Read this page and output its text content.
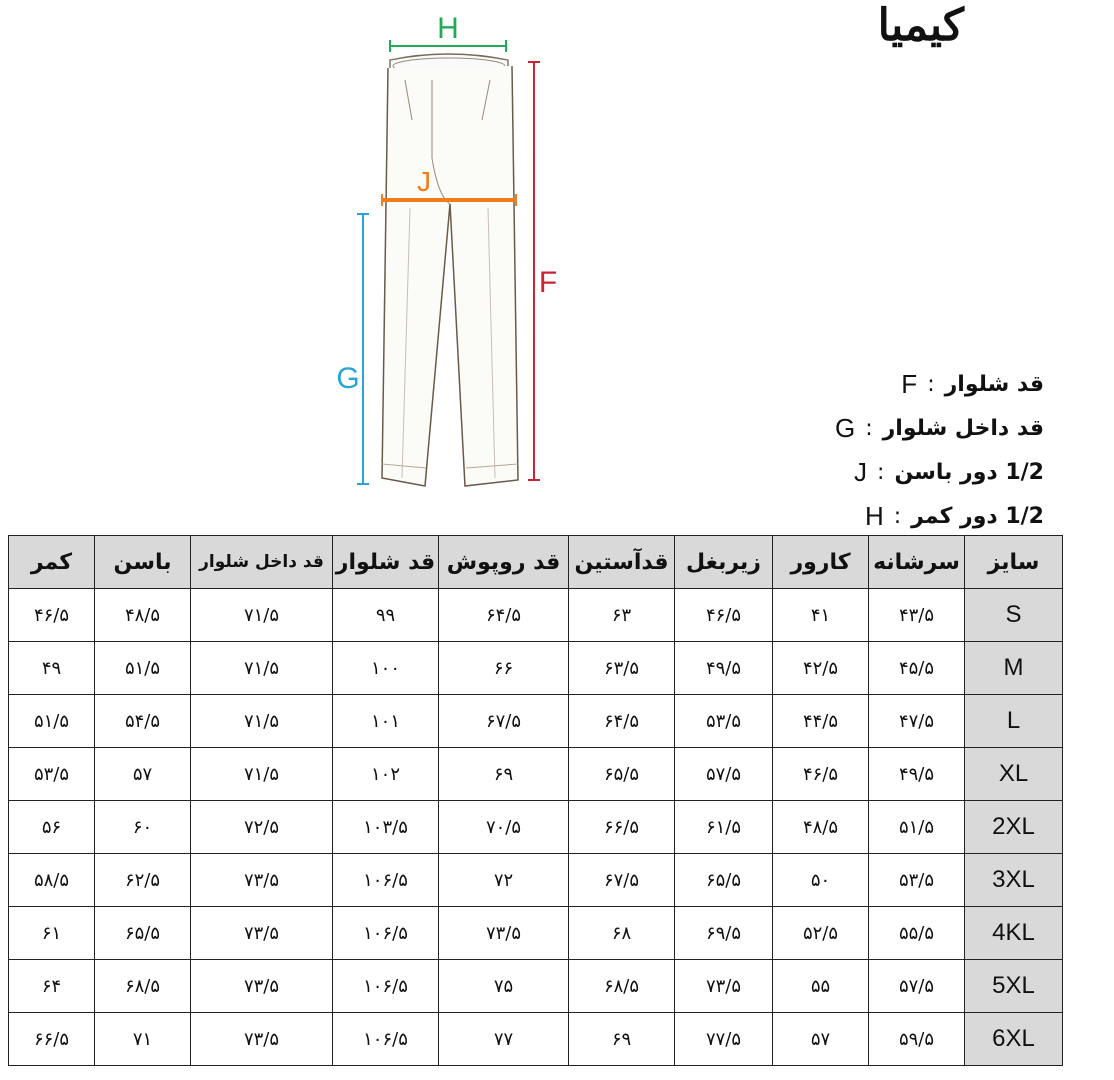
کیمیا
H
J
F
G	F : قد شلوار
G : قد داخل شلوار
J : 1/2 دور باسن
H : 1/2 دور کمر
کمر	باسن	قد داخل شلوار	قد شلوار	قد روپوش	قدآستین	زیربغل	کارور	سرشانه	سایز
۴۶/۵	۴۸/۵	۷۱/۵	۹۹	۶۴/۵	۶۳	۴۶/۵	۴۱	۴۳/۵	S
۴۹	۵۱/۵	۷۱/۵	۱۰۰	۶۶	۶۳/۵	۴۹/۵	۴۲/۵	۴۵/۵	M
۵۱/۵	۵۴/۵	۷۱/۵	۱۰۱	۶۷/۵	۶۴/۵	۵۳/۵	۴۴/۵	۴۷/۵	L
۵۳/۵	۵۷	۷۱/۵	۱۰۲	۶۹	۶۵/۵	۵۷/۵	۴۶/۵	۴۹/۵	XL
۵۶	۶۰	۷۲/۵	۱۰۳/۵	۷۰/۵	۶۶/۵	۶۱/۵	۴۸/۵	۵۱/۵	2XL
۵۸/۵	۶۲/۵	۷۳/۵	۱۰۶/۵	۷۲	۶۷/۵	۶۵/۵	۵۰	۵۳/۵	3XL
۶۱	۶۵/۵	۷۳/۵	۱۰۶/۵	۷۳/۵	۶۸	۶۹/۵	۵۲/۵	۵۵/۵	4KL
۶۴	۶۸/۵	۷۳/۵	۱۰۶/۵	۷۵	۶۸/۵	۷۳/۵	۵۵	۵۷/۵	5XL
۶۶/۵	۷۱	۷۳/۵	۱۰۶/۵	۷۷	۶۹	۷۷/۵	۵۷	۵۹/۵	6XL
